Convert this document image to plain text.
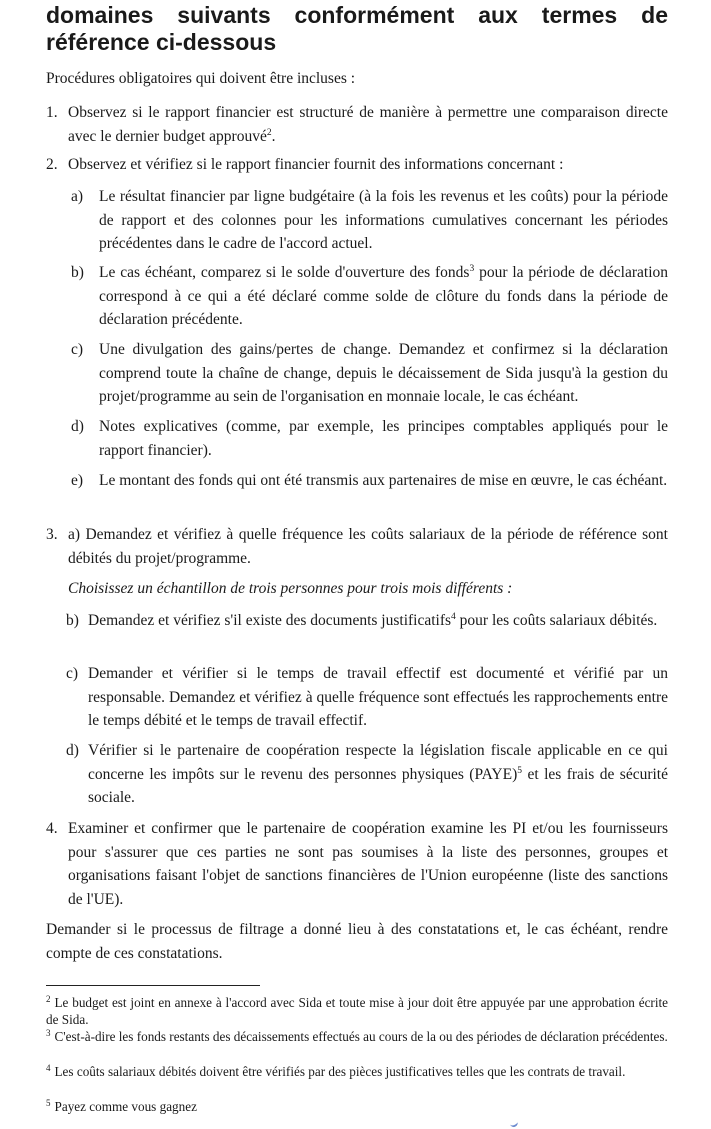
domaines suivants conformément aux termes de référence ci-dessous

Procédures obligatoires qui doivent être incluses :

1. Observez si le rapport financier est structuré de manière à permettre une comparaison directe avec le dernier budget approuvé$^2$.
2. Observez et vérifiez si le rapport financier fournit des informations concernant :
a) Le résultat financier par ligne budgétaire (à la fois les revenus et les coûts) pour la période de rapport et des colonnes pour les informations cumulatives concernant les périodes précédentes dans le cadre de l'accord actuel.
b) Le cas échéant, comparez si le solde d'ouverture des fonds$^3$ pour la période de déclaration correspond à ce qui a été déclaré comme solde de clôture du fonds dans la période de déclaration précédente.
c) Une divulgation des gains/pertes de change. Demandez et confirmez si la déclaration comprend toute la chaîne de change, depuis le décaissement de Sida jusqu'à la gestion du projet/programme au sein de l'organisation en monnaie locale, le cas échéant.
d) Notes explicatives (comme, par exemple, les principes comptables appliqués pour le rapport financier).
e) Le montant des fonds qui ont été transmis aux partenaires de mise en œuvre, le cas échéant.
3. a) Demandez et vérifiez à quelle fréquence les coûts salariaux de la période de référence sont débités du projet/programme.
Choisissez un échantillon de trois personnes pour trois mois différents :
b) Demandez et vérifiez s'il existe des documents justificatifs$^4$ pour les coûts salariaux débités.
c) Demander et vérifier si le temps de travail effectif est documenté et vérifié par un responsable. Demandez et vérifiez à quelle fréquence sont effectués les rapprochements entre le temps débité et le temps de travail effectif.
d) Vérifier si le partenaire de coopération respecte la législation fiscale applicable en ce qui concerne les impôts sur le revenu des personnes physiques (PAYE)$^5$ et les frais de sécurité sociale.
4. Examiner et confirmer que le partenaire de coopération examine les PI et/ou les fournisseurs pour s'assurer que ces parties ne sont pas soumises à la liste des personnes, groupes et organisations faisant l'objet de sanctions financières de l'Union européenne (liste des sanctions de l'UE).

Demander si le processus de filtrage a donné lieu à des constatations et, le cas échéant, rendre compte de ces constatations.

$^2$ Le budget est joint en annexe à l'accord avec Sida et toute mise à jour doit être appuyée par une approbation écrite de Sida.

$^3$ C'est-à-dire les fonds restants des décaissements effectués au cours de la ou des périodes de déclaration précédentes.

$^4$ Les coûts salariaux débités doivent être vérifiés par des pièces justificatives telles que les contrats de travail.

$^5$ Payez comme vous gagnez
